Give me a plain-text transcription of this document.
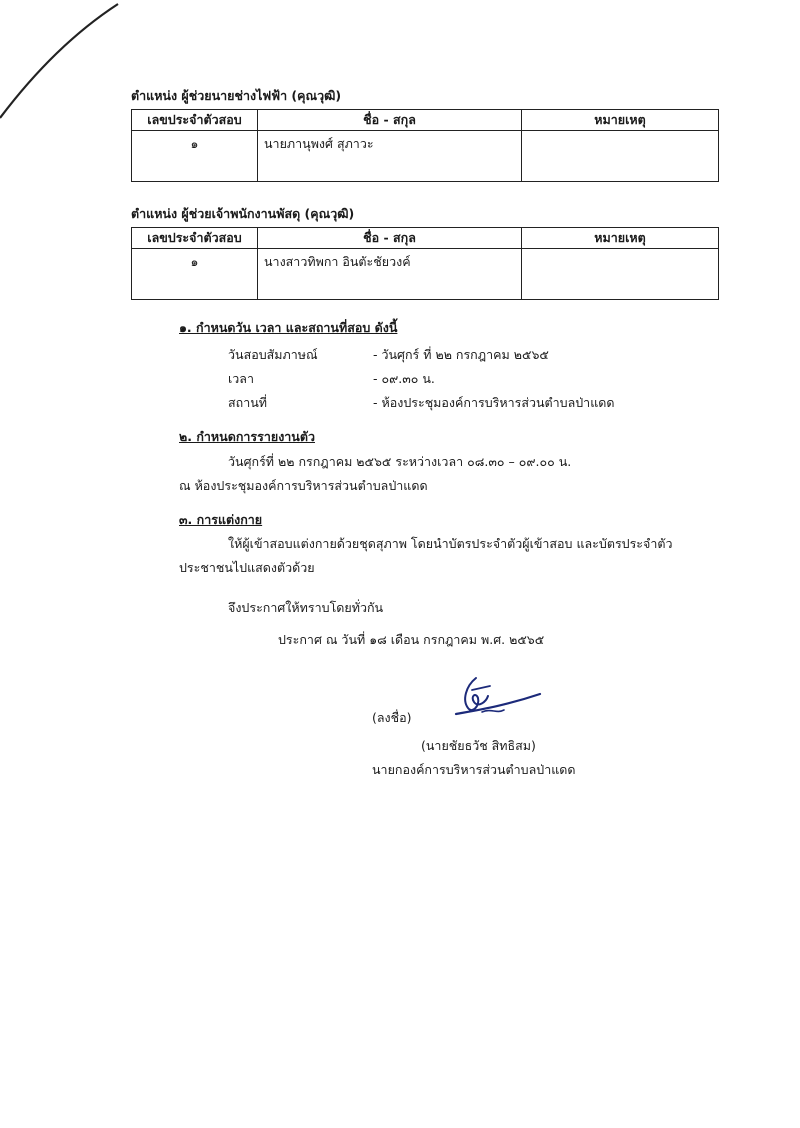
ตำแหน่ง ผู้ช่วยนายช่างไฟฟ้า (คุณวุฒิ)
เลขประจำตัวสอบ	ชื่อ - สกุล	หมายเหตุ
๑	นายภานุพงศ์ สุภาวะ	
ตำแหน่ง ผู้ช่วยเจ้าพนักงานพัสดุ (คุณวุฒิ)
เลขประจำตัวสอบ	ชื่อ - สกุล	หมายเหตุ
๑	นางสาวทิพกา อินตัะชัยวงค์	
๑. กำหนดวัน เวลา และสถานที่สอบ ดังนี้
วันสอบสัมภาษณ์	- วันศุกร์ ที่ ๒๒ กรกฎาคม ๒๕๖๕
เวลา	- ๐๙.๓๐ น.
สถานที่	- ห้องประชุมองค์การบริหารส่วนตำบลป่าแดด
๒. กำหนดการรายงานตัว
วันศุกร์ที่ ๒๒ กรกฎาคม ๒๕๖๕ ระหว่างเวลา ๐๘.๓๐ – ๐๙.๐๐ น.
ณ ห้องประชุมองค์การบริหารส่วนตำบลป่าแดด
๓. การแต่งกาย
ให้ผู้เข้าสอบแต่งกายด้วยชุดสุภาพ โดยนำบัตรประจำตัวผู้เข้าสอบ และบัตรประจำตัว
ประชาชนไปแสดงตัวด้วย
จึงประกาศให้ทราบโดยทั่วกัน
ประกาศ ณ วันที่ ๑๘ เดือน กรกฎาคม พ.ศ. ๒๕๖๕
(ลงชื่อ)
(นายชัยธวัช สิทธิสม)
นายกองค์การบริหารส่วนตำบลป่าแดด
